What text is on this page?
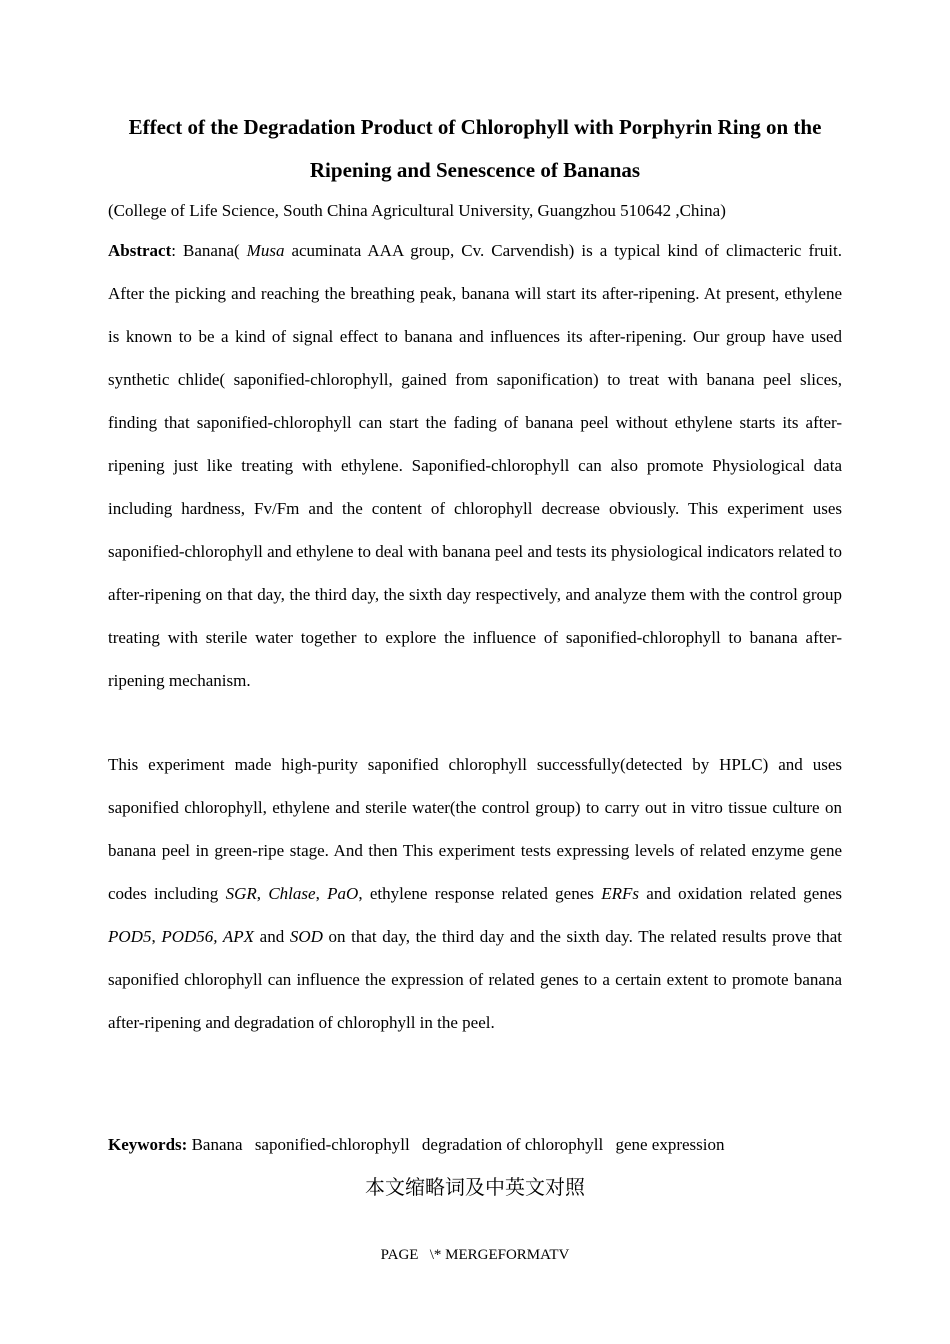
Effect of the Degradation Product of Chlorophyll with Porphyrin Ring on the Ripening and Senescence of Bananas
(College of Life Science, South China Agricultural University, Guangzhou 510642 ,China)

Abstract: Banana( Musa acuminata AAA group, Cv. Carvendish) is a typical kind of climacteric fruit. After the picking and reaching the breathing peak, banana will start its after-ripening. At present, ethylene is known to be a kind of signal effect to banana and influences its after-ripening. Our group have used synthetic chlide( saponified-chlorophyll, gained from saponification) to treat with banana peel slices, finding that saponified-chlorophyll can start the fading of banana peel without ethylene starts its after-ripening just like treating with ethylene. Saponified-chlorophyll can also promote Physiological data including hardness, Fv/Fm and the content of chlorophyll decrease obviously. This experiment uses saponified-chlorophyll and ethylene to deal with banana peel and tests its physiological indicators related to after-ripening on that day, the third day, the sixth day respectively, and analyze them with the control group treating with sterile water together to explore the influence of saponified-chlorophyll to banana after-ripening mechanism.

This experiment made high-purity saponified chlorophyll successfully(detected by HPLC) and uses saponified chlorophyll, ethylene and sterile water(the control group) to carry out in vitro tissue culture on banana peel in green-ripe stage. And then This experiment tests expressing levels of related enzyme gene codes including SGR, Chlase, PaO, ethylene response related genes ERFs and oxidation related genes POD5, POD56, APX and SOD on that day, the third day and the sixth day. The related results prove that saponified chlorophyll can influence the expression of related genes to a certain extent to promote banana after-ripening and degradation of chlorophyll in the peel.

Keywords: Banana saponified-chlorophyll degradation of chlorophyll gene expression
本文缩略词及中英文对照
PAGE   \* MERGEFORMATV
